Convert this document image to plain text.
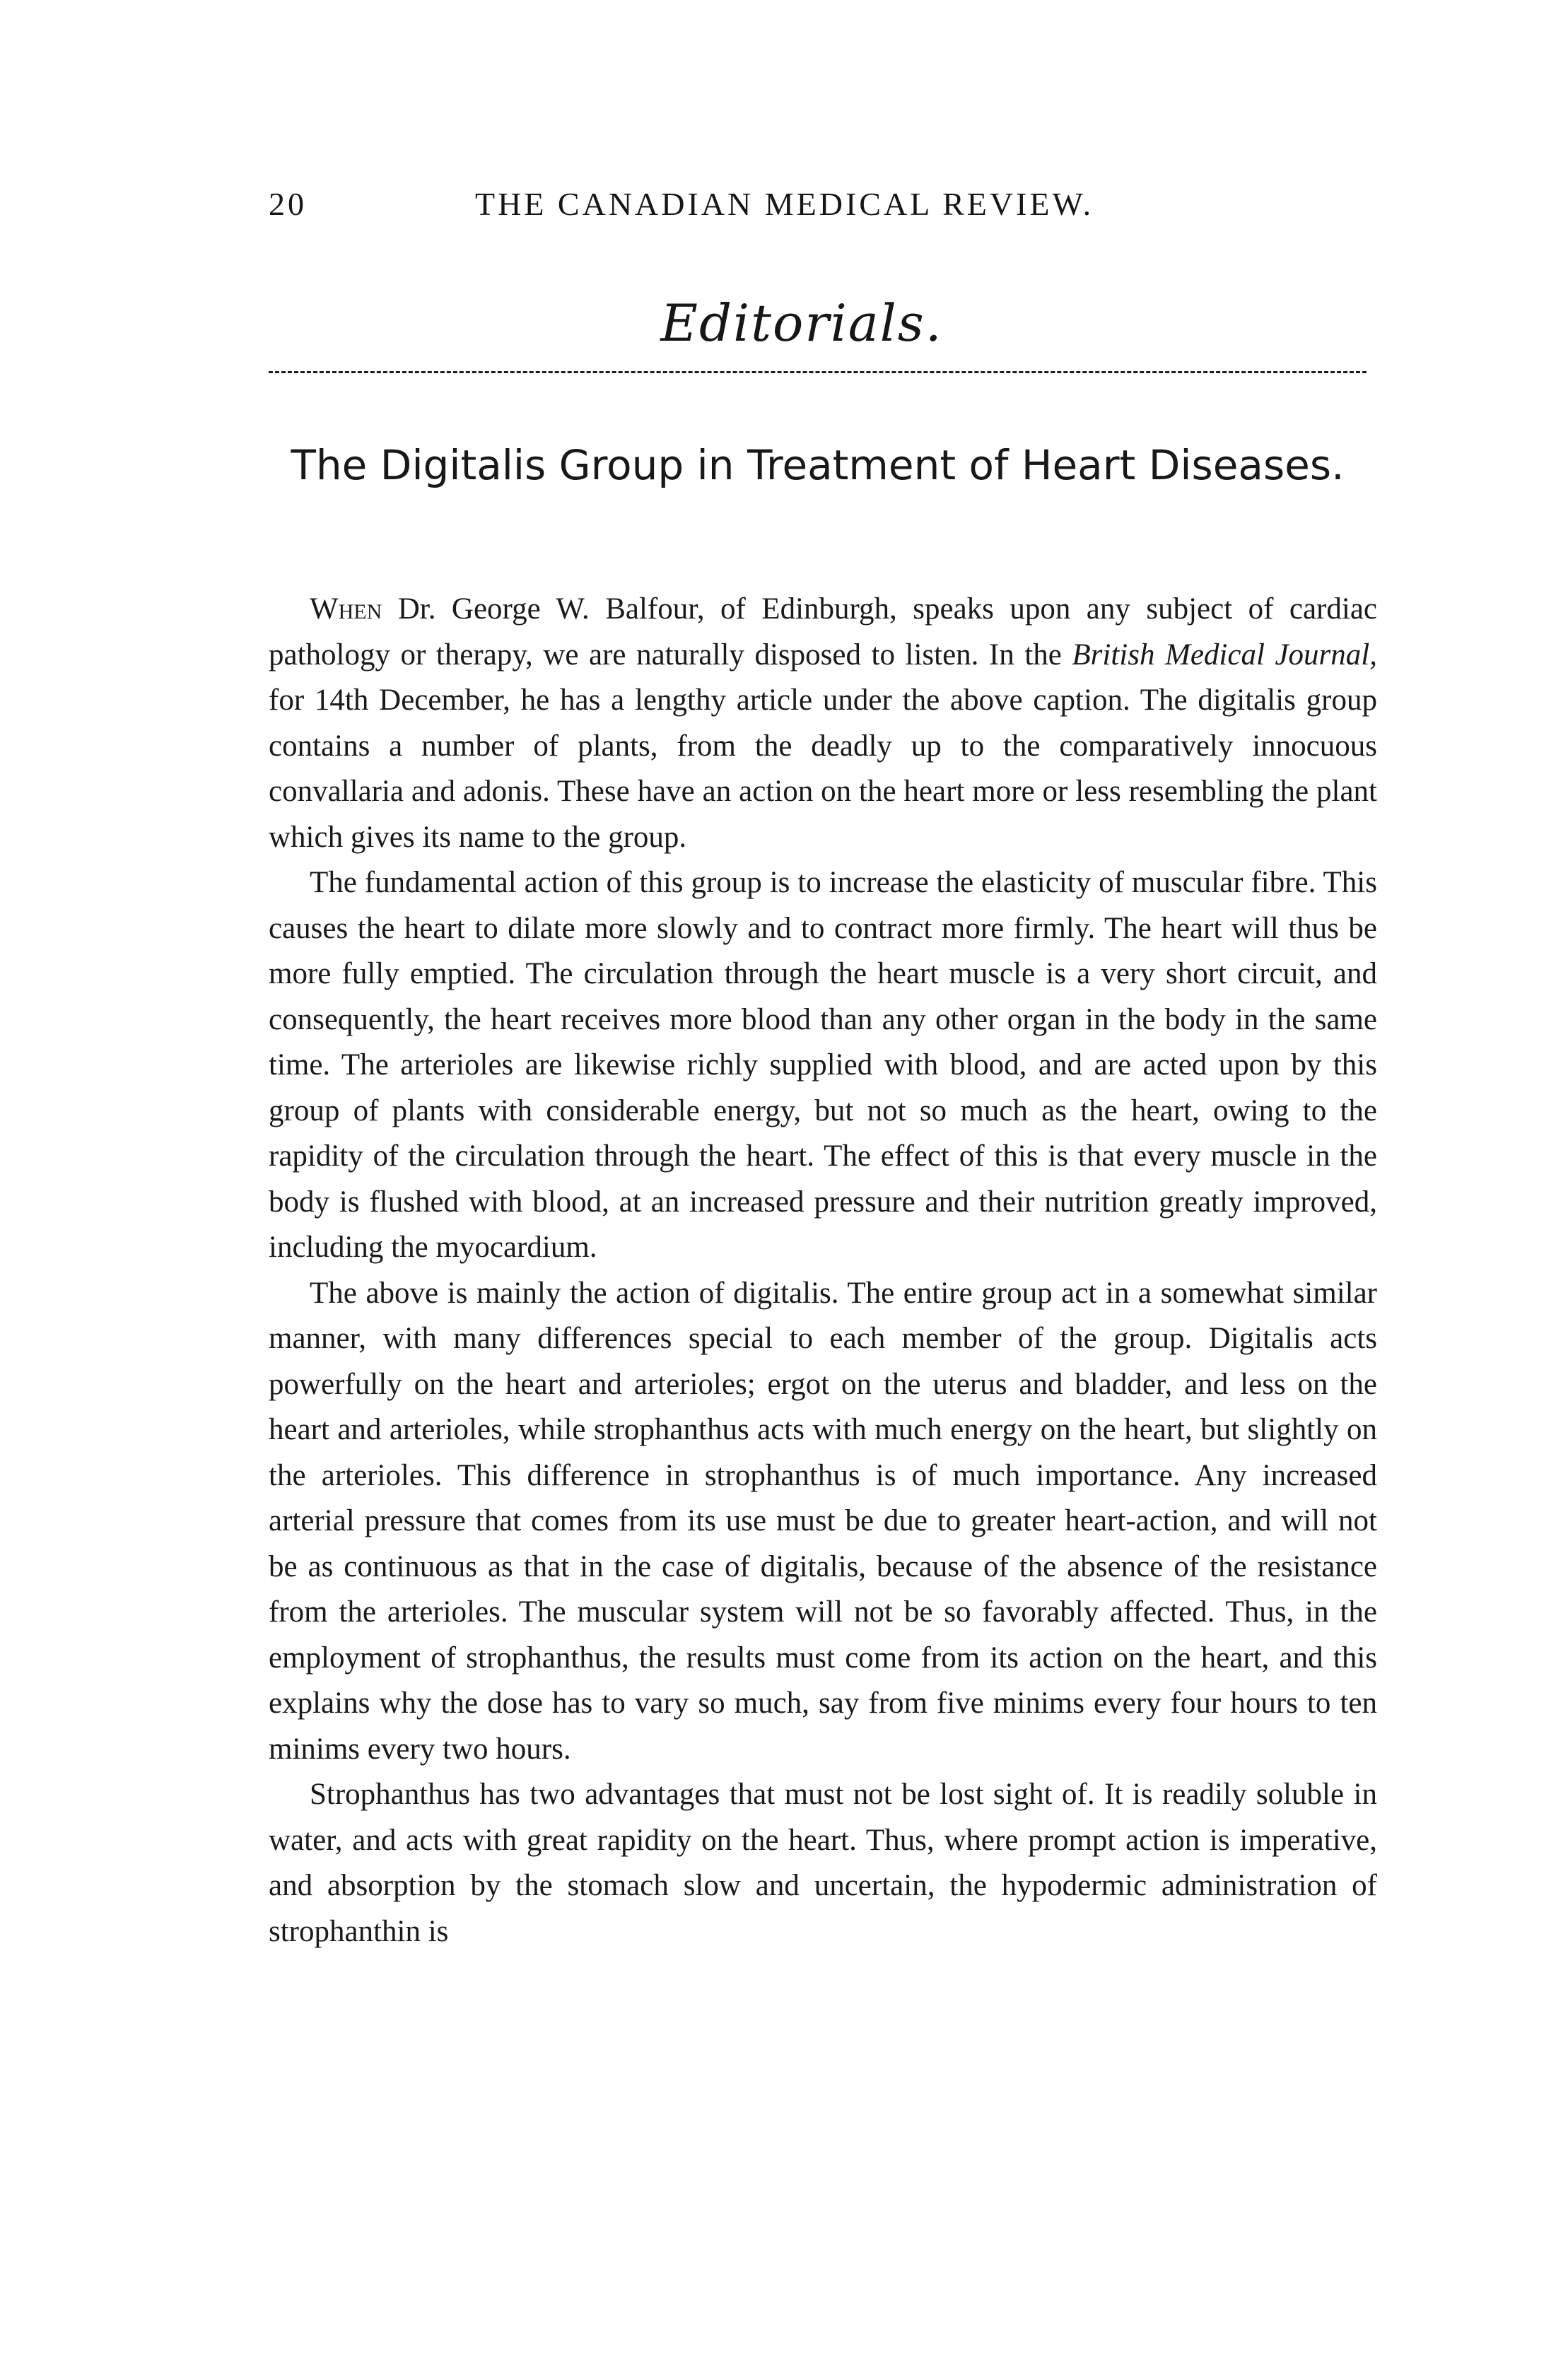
20	THE CANADIAN MEDICAL REVIEW.
Editorials.
The Digitalis Group in Treatment of Heart Diseases.

When Dr. George W. Balfour, of Edinburgh, speaks upon any subject of cardiac pathology or therapy, we are naturally disposed to listen. In the British Medical Journal, for 14th December, he has a lengthy article under the above caption. The digitalis group contains a number of plants, from the deadly up to the comparatively innocuous convallaria and adonis. These have an action on the heart more or less resembling the plant which gives its name to the group.

The fundamental action of this group is to increase the elasticity of muscular fibre. This causes the heart to dilate more slowly and to contract more firmly. The heart will thus be more fully emptied. The circulation through the heart muscle is a very short circuit, and consequently, the heart receives more blood than any other organ in the body in the same time. The arterioles are likewise richly supplied with blood, and are acted upon by this group of plants with considerable energy, but not so much as the heart, owing to the rapidity of the circulation through the heart. The effect of this is that every muscle in the body is flushed with blood, at an increased pressure and their nutrition greatly improved, including the myocardium.

The above is mainly the action of digitalis. The entire group act in a somewhat similar manner, with many differences special to each member of the group. Digitalis acts powerfully on the heart and arterioles; ergot on the uterus and bladder, and less on the heart and arterioles, while strophanthus acts with much energy on the heart, but slightly on the arterioles. This difference in strophanthus is of much importance. Any increased arterial pressure that comes from its use must be due to greater heart-action, and will not be as continuous as that in the case of digitalis, because of the absence of the resistance from the arterioles. The muscular system will not be so favorably affected. Thus, in the employment of strophanthus, the results must come from its action on the heart, and this explains why the dose has to vary so much, say from five minims every four hours to ten minims every two hours.

Strophanthus has two advantages that must not be lost sight of. It is readily soluble in water, and acts with great rapidity on the heart. Thus, where prompt action is imperative, and absorption by the stomach slow and uncertain, the hypodermic administration of strophanthin is
